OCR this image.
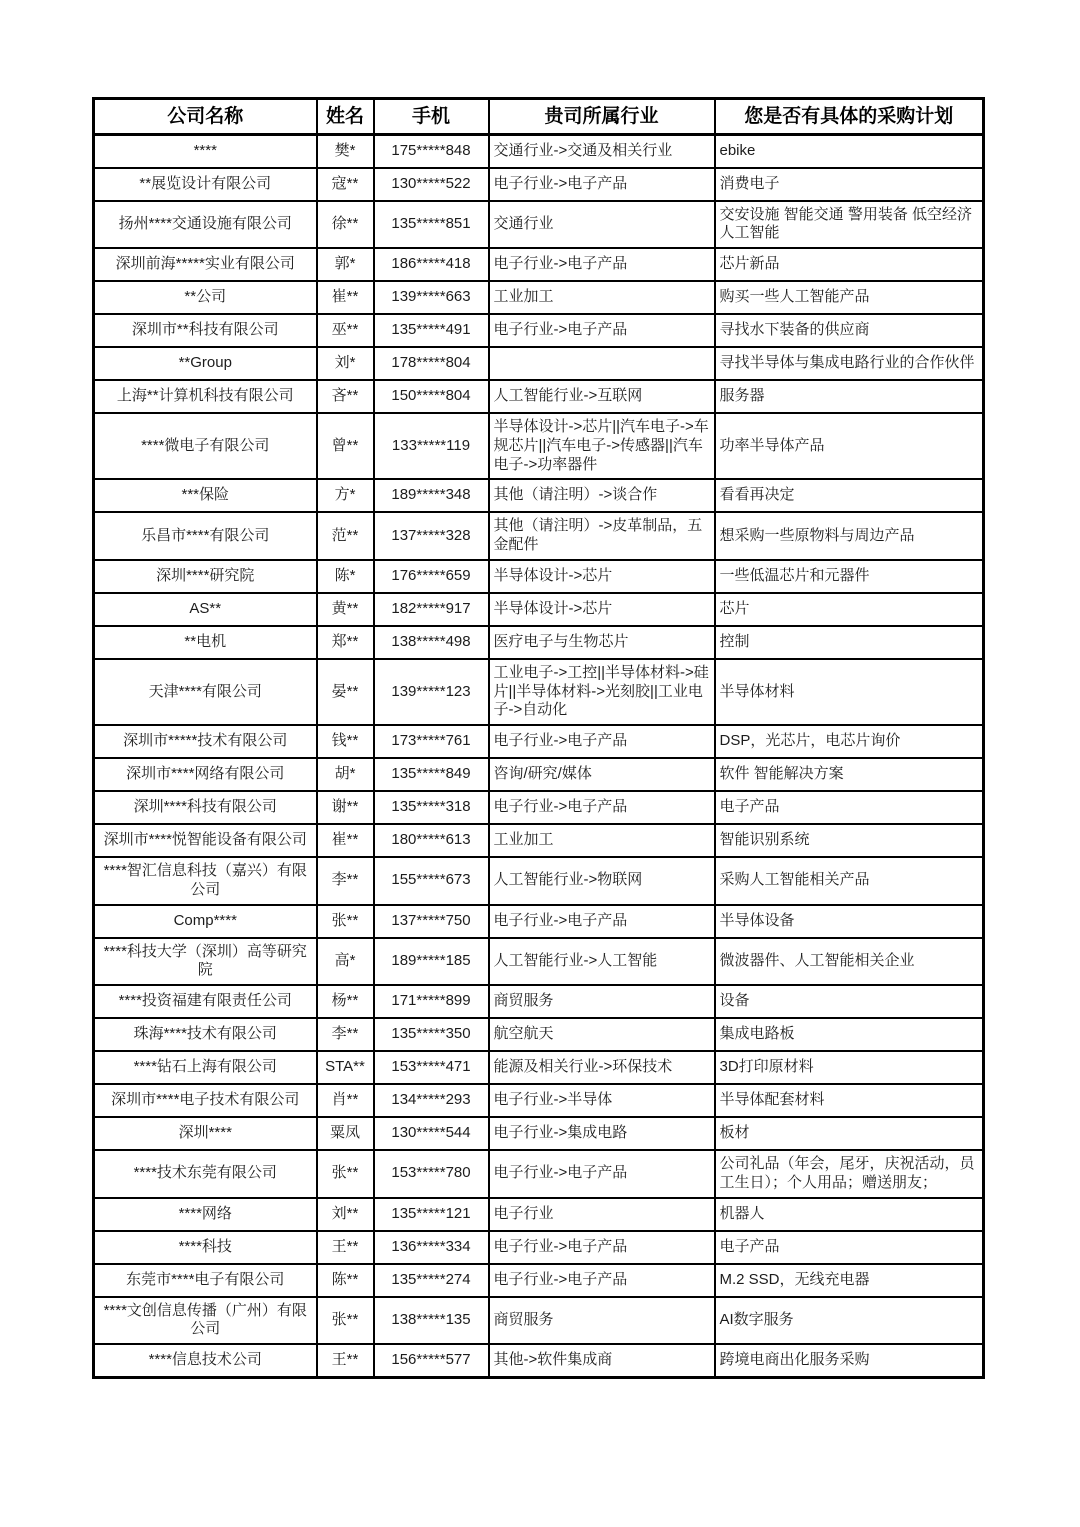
公司名称	姓名	手机	贵司所属行业	您是否有具体的采购计划
****	樊*	175*****848	交通行业->交通及相关行业	ebike
**展览设计有限公司	寇**	130*****522	电子行业->电子产品	消费电子
扬州****交通设施有限公司	徐**	135*****851	交通行业	交安设施 智能交通 警用装备 低空经济 人工智能
深圳前海*****实业有限公司	郭*	186*****418	电子行业->电子产品	芯片新品
**公司	崔**	139*****663	工业加工	购买一些人工智能产品
深圳市**科技有限公司	巫**	135*****491	电子行业->电子产品	寻找水下装备的供应商
**Group	刘*	178*****804		寻找半导体与集成电路行业的合作伙伴
上海**计算机科技有限公司	吝**	150*****804	人工智能行业->互联网	服务器
****微电子有限公司	曾**	133*****119	半导体设计->芯片||汽车电子->车规芯片||汽车电子->传感器||汽车电子->功率器件	功率半导体产品
***保险	方*	189*****348	其他（请注明）->谈合作	看看再决定
乐昌市****有限公司	范**	137*****328	其他（请注明）->皮革制品，五金配件	想采购一些原物料与周边产品
深圳****研究院	陈*	176*****659	半导体设计->芯片	一些低温芯片和元器件
AS**	黄**	182*****917	半导体设计->芯片	芯片
**电机	郑**	138*****498	医疗电子与生物芯片	控制
天津****有限公司	晏**	139*****123	工业电子->工控||半导体材料->硅片||半导体材料->光刻胶||工业电子->自动化	半导体材料
深圳市*****技术有限公司	钱**	173*****761	电子行业->电子产品	DSP，光芯片，电芯片询价
深圳市****网络有限公司	胡*	135*****849	咨询/研究/媒体	软件 智能解决方案
深圳****科技有限公司	谢**	135*****318	电子行业->电子产品	电子产品
深圳市****悦智能设备有限公司	崔**	180*****613	工业加工	智能识别系统
****智汇信息科技（嘉兴）有限公司	李**	155*****673	人工智能行业->物联网	采购人工智能相关产品
Comp****	张**	137*****750	电子行业->电子产品	半导体设备
****科技大学（深圳）高等研究院	高*	189*****185	人工智能行业->人工智能	微波器件、人工智能相关企业
****投资福建有限责任公司	杨**	171*****899	商贸服务	设备
珠海****技术有限公司	李**	135*****350	航空航天	集成电路板
****钻石上海有限公司	STA**	153*****471	能源及相关行业->环保技术	3D打印原材料
深圳市****电子技术有限公司	肖**	134*****293	电子行业->半导体	半导体配套材料
深圳****	粟凤	130*****544	电子行业->集成电路	板材
****技术东莞有限公司	张**	153*****780	电子行业->电子产品	公司礼品（年会，尾牙，庆祝活动，员工生日）；个人用品；赠送朋友；
****网络	刘**	135*****121	电子行业	机器人
****科技	王**	136*****334	电子行业->电子产品	电子产品
东莞市****电子有限公司	陈**	135*****274	电子行业->电子产品	M.2 SSD，无线充电器
****文创信息传播（广州）有限公司	张**	138*****135	商贸服务	AI数字服务
****信息技术公司	王**	156*****577	其他->软件集成商	跨境电商出化服务采购
